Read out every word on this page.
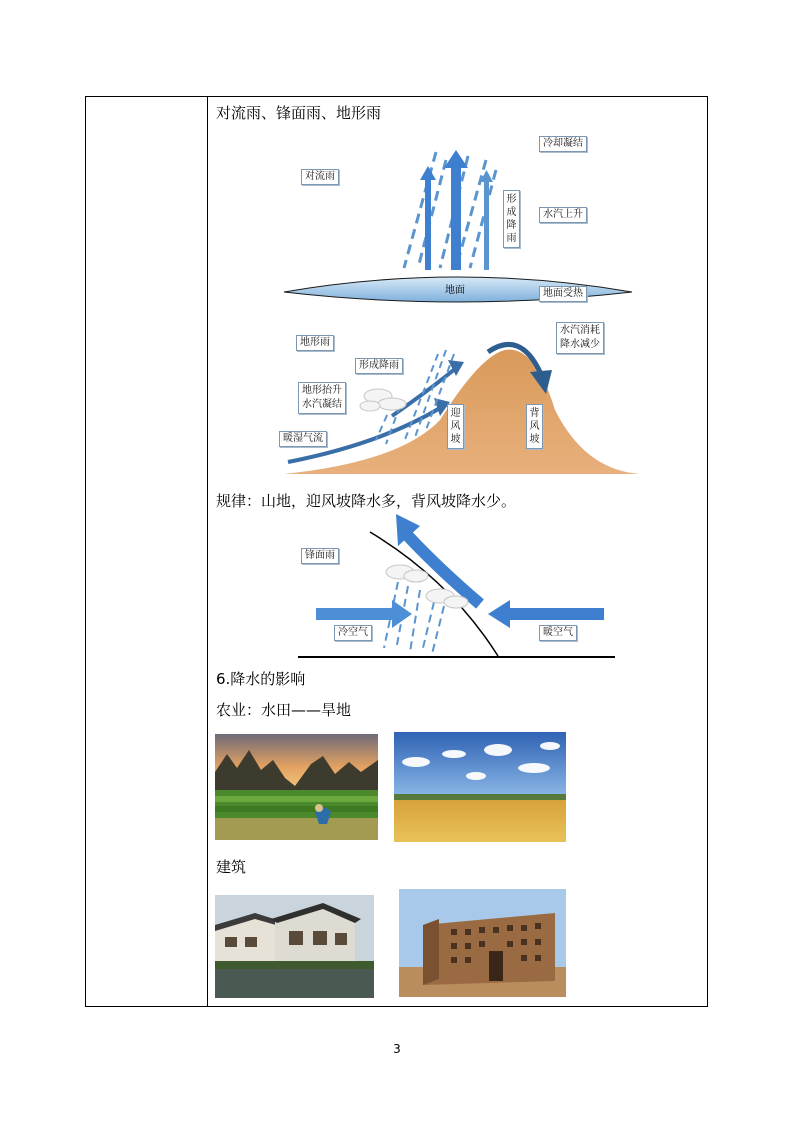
对流雨、锋面雨、地形雨
冷却凝结
对流雨
形成降雨
水汽上升
地面	地面受热
地形雨
水汽消耗
降水减少
形成降雨
地形抬升
水汽凝结
迎风坡
背风坡
暖湿气流
规律：山地，迎风坡降水多，背风坡降水少。
锋面雨
冷空气	暖空气
6.降水的影响
农业：水田——旱地
建筑
3
